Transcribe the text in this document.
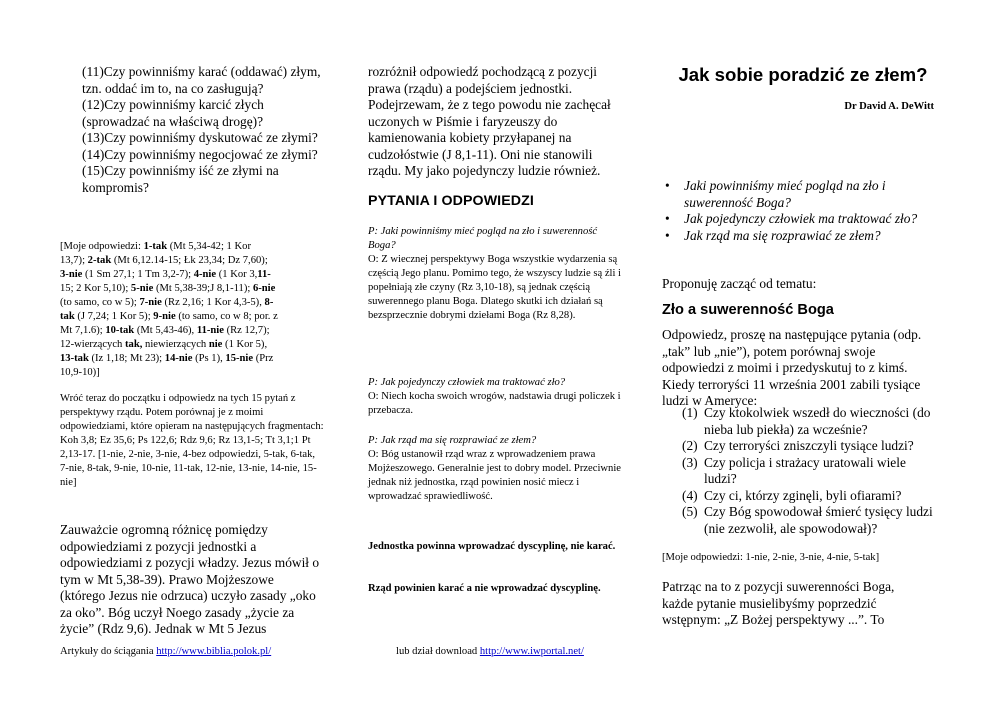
(11)Czy powinniśmy karać (oddawać) złym, tzn. oddać im to, na co zasługują?

(12)Czy powinniśmy karcić złych (sprowadzać na właściwą drogę)?

(13)Czy powinniśmy dyskutować ze złymi?

(14)Czy powinniśmy negocjować ze złymi?

(15)Czy powinniśmy iść ze złymi na kompromis?

[Moje odpowiedzi: 1-tak (Mt 5,34-42; 1 Kor
13,7); 2-tak (Mt 6,12.14-15; Łk 23,34; Dz 7,60);
3-nie (1 Sm 27,1; 1 Tm 3,2-7); 4-nie (1 Kor 3,11-
15; 2 Kor 5,10); 5-nie (Mt 5,38-39;J 8,1-11); 6-nie
(to samo, co w 5); 7-nie (Rz 2,16; 1 Kor 4,3-5), 8-
tak (J 7,24; 1 Kor 5); 9-nie (to samo, co w 8; por. z
Mt 7,1.6); 10-tak (Mt 5,43-46), 11-nie (Rz 12,7);
12-wierzących tak, niewierzących nie (1 Kor 5),
13-tak (Iz 1,18; Mt 23); 14-nie (Ps 1), 15-nie (Prz
10,9-10)]

Wróć teraz do początku i odpowiedz na tych 15 pytań z perspektywy rządu. Potem porównaj je z moimi odpowiedziami, które opieram na następujących fragmentach: Koh 3,8; Ez 35,6; Ps 122,6; Rdz 9,6; Rz 13,1-5; Tt 3,1;1 Pt 2,13-17. [1-nie, 2-nie, 3-nie, 4-bez odpowiedzi, 5-tak, 6-tak, 7-nie, 8-tak, 9-nie, 10-nie, 11-tak, 12-nie, 13-nie, 14-nie, 15-nie]

Zauważcie ogromną różnicę pomiędzy odpowiedziami z pozycji jednostki a odpowiedziami z pozycji władzy. Jezus mówił o tym w Mt 5,38-39). Prawo Mojżeszowe (którego Jezus nie odrzuca) uczyło zasady „oko za oko”. Bóg uczył Noego zasady „życie za życie” (Rdz 9,6). Jednak w Mt 5 Jezus

rozróżnił odpowiedź pochodzącą z pozycji prawa (rządu) a podejściem jednostki. Podejrzewam, że z tego powodu nie zachęcał uczonych w Piśmie i faryzeuszy do kamienowania kobiety przyłapanej na cudzołóstwie (J 8,1-11). Oni nie stanowili rządu. My jako pojedynczy ludzie również.

PYTANIA I ODPOWIEDZI
P: Jaki powinniśmy mieć pogląd na zło i suwerenność Boga?
O: Z wiecznej perspektywy Boga wszystkie wydarzenia są częścią Jego planu. Pomimo tego, że wszyscy ludzie są źli i popełniają złe czyny (Rz 3,10-18), są jednak częścią suwerennego planu Boga. Dlatego skutki ich działań są bezsprzecznie dobrymi dziełami Boga (Rz 8,28).
P: Jak pojedynczy człowiek ma traktować zło?
O: Niech kocha swoich wrogów, nadstawia drugi policzek i przebacza.
P: Jak rząd ma się rozprawiać ze złem?
O: Bóg ustanowił rząd wraz z wprowadzeniem prawa Mojżeszowego. Generalnie jest to dobry model. Przeciwnie jednak niż jednostka, rząd powinien nosić miecz i wprowadzać sprawiedliwość.

Jednostka powinna wprowadzać dyscyplinę, nie karać.

Rząd powinien karać a nie wprowadzać dyscyplinę.

Jak sobie poradzić ze złem?
Dr David A. DeWitt
• Jaki powinniśmy mieć pogląd na zło i suwerenność Boga?
• Jak pojedynczy człowiek ma traktować zło?
• Jak rząd ma się rozprawiać ze złem?

Proponuję zacząć od tematu:

Zło a suwerenność Boga

Odpowiedz, proszę na następujące pytania (odp. „tak” lub „nie”), potem porównaj swoje odpowiedzi z moimi i przedyskutuj to z kimś. Kiedy terroryści 11 września 2001 zabili tysiące ludzi w Ameryce:

(1) Czy ktokolwiek wszedł do wieczności (do nieba lub piekła) za wcześnie?
(2) Czy terroryści zniszczyli tysiące ludzi?
(3) Czy policja i strażacy uratowali wiele ludzi?
(4) Czy ci, którzy zginęli, byli ofiarami?
(5) Czy Bóg spowodował śmierć tysięcy ludzi (nie zezwolił, ale spowodował)?

[Moje odpowiedzi: 1-nie, 2-nie, 3-nie, 4-nie, 5-tak]

Patrząc na to z pozycji suwerenności Boga, każde pytanie musielibyśmy poprzedzić wstępnym: „Z Bożej perspektywy ...”. To

Artykuły do ściągania http://www.biblia.polok.pl/	lub dział download http://www.iwportal.net/
